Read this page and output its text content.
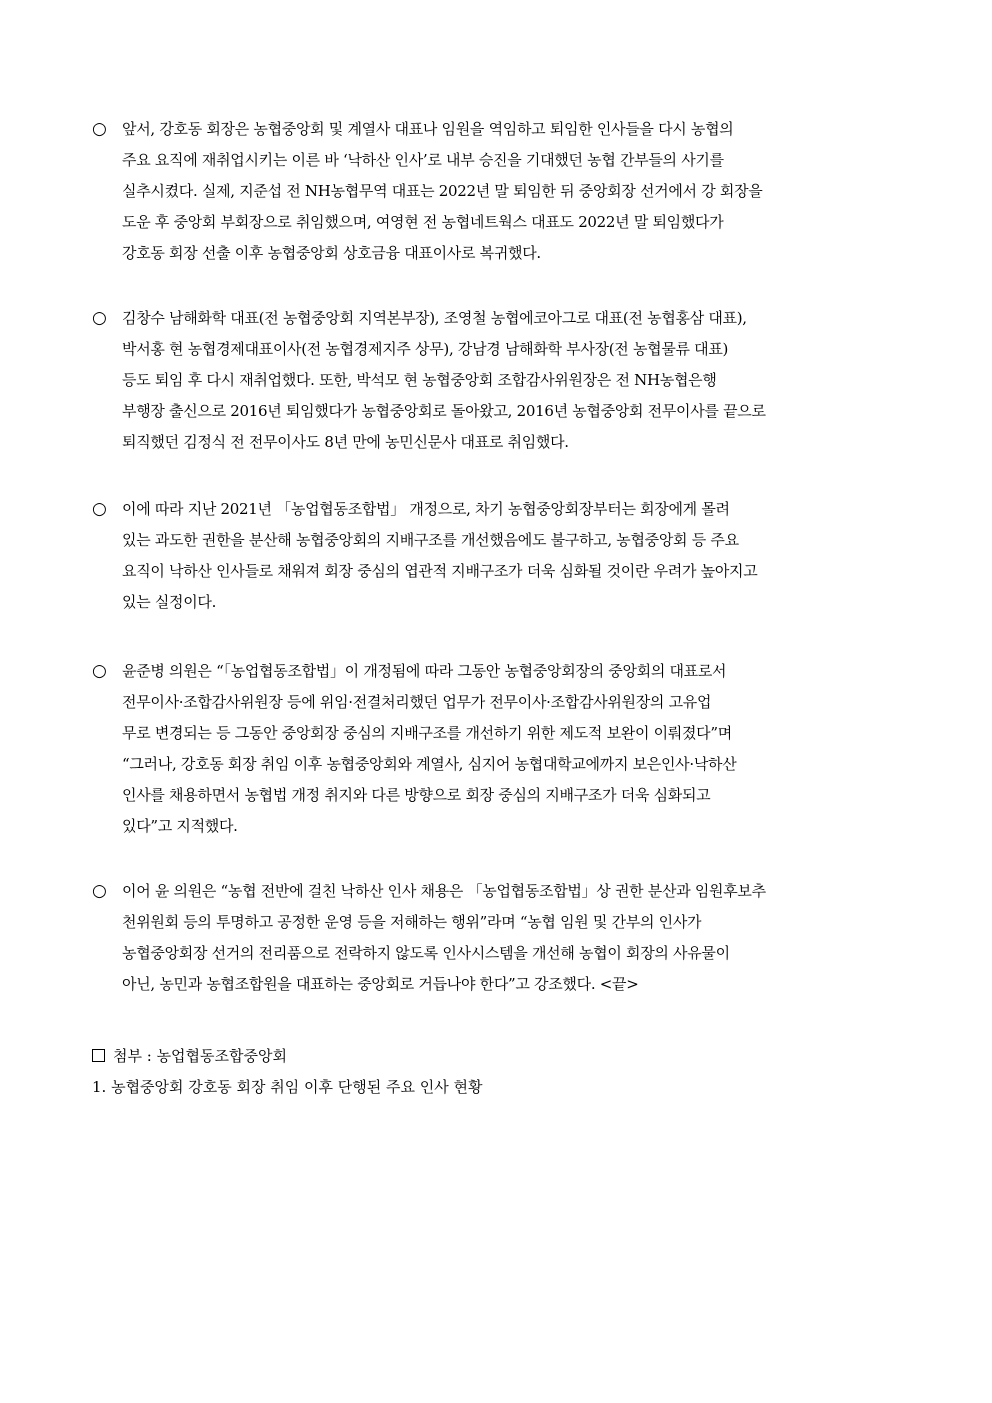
○	앞서, 강호동 회장은 농협중앙회 및 계열사 대표나 임원을 역임하고 퇴임한 인사들을 다시 농협의
주요 요직에 재취업시키는 이른 바 ‘낙하산 인사’로 내부 승진을 기대했던 농협 간부들의 사기를
실추시켰다. 실제, 지준섭 전 NH농협무역 대표는 2022년 말 퇴임한 뒤 중앙회장 선거에서 강 회장을
도운 후 중앙회 부회장으로 취임했으며, 여영현 전 농협네트웍스 대표도 2022년 말 퇴임했다가
강호동 회장 선출 이후 농협중앙회 상호금융 대표이사로 복귀했다.
○	김창수 남해화학 대표(전 농협중앙회 지역본부장), 조영철 농협에코아그로 대표(전 농협홍삼 대표),
박서홍 현 농협경제대표이사(전 농협경제지주 상무), 강남경 남해화학 부사장(전 농협물류 대표)
등도 퇴임 후 다시 재취업했다. 또한, 박석모 현 농협중앙회 조합감사위원장은 전 NH농협은행
부행장 출신으로 2016년 퇴임했다가 농협중앙회로 돌아왔고, 2016년 농협중앙회 전무이사를 끝으로
퇴직했던 김정식 전 전무이사도 8년 만에 농민신문사 대표로 취임했다.
○	이에 따라 지난 2021년 「농업협동조합법」 개정으로, 차기 농협중앙회장부터는 회장에게 몰려
있는 과도한 권한을 분산해 농협중앙회의 지배구조를 개선했음에도 불구하고, 농협중앙회 등 주요
요직이 낙하산 인사들로 채워져 회장 중심의 엽관적 지배구조가 더욱 심화될 것이란 우려가 높아지고
있는 실정이다.
○	윤준병 의원은 “「농업협동조합법」이 개정됨에 따라 그동안 농협중앙회장의 중앙회의 대표로서
전무이사·조합감사위원장 등에 위임·전결처리했던 업무가 전무이사·조합감사위원장의 고유업
무로 변경되는 등 그동안 중앙회장 중심의 지배구조를 개선하기 위한 제도적 보완이 이뤄졌다”며
“그러나, 강호동 회장 취임 이후 농협중앙회와 계열사, 심지어 농협대학교에까지 보은인사·낙하산
인사를 채용하면서 농협법 개정 취지와 다른 방향으로 회장 중심의 지배구조가 더욱 심화되고
있다”고 지적했다.
○	이어 윤 의원은 “농협 전반에 걸친 낙하산 인사 채용은 「농업협동조합법」상 권한 분산과 임원후보추
천위원회 등의 투명하고 공정한 운영 등을 저해하는 행위”라며 “농협 임원 및 간부의 인사가
농협중앙회장 선거의 전리품으로 전락하지 않도록 인사시스템을 개선해 농협이 회장의 사유물이
아닌, 농민과 농협조합원을 대표하는 중앙회로 거듭나야 한다”고 강조했다. <끝>
첨부 : 농업협동조합중앙회
1. 농협중앙회 강호동 회장 취임 이후 단행된 주요 인사 현황
